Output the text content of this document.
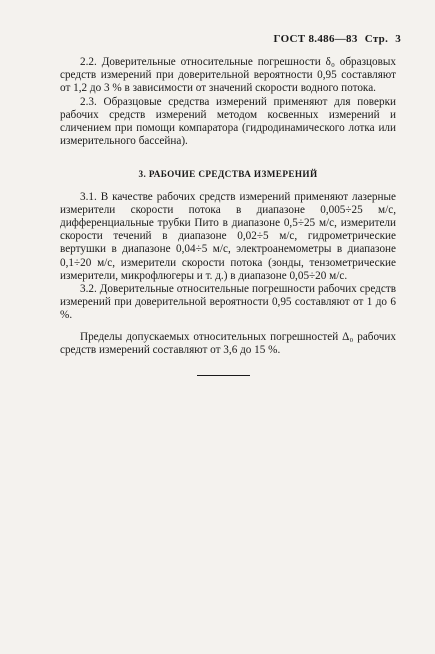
ГОСТ 8.486—83 Стр. 3

2.2. Доверительные относительные погрешности δ₀ образцовых средств измерений при доверительной вероятности 0,95 составляют от 1,2 до 3 % в зависимости от значений скорости водного потока.

2.3. Образцовые средства измерений применяют для поверки рабочих средств измерений методом косвенных измерений и сличением при помощи компаратора (гидродинамического лотка или измерительного бассейна).

3. РАБОЧИЕ СРЕДСТВА ИЗМЕРЕНИЙ

3.1. В качестве рабочих средств измерений применяют лазерные измерители скорости потока в диапазоне 0,005÷25 м/с, дифференциальные трубки Пито в диапазоне 0,5÷25 м/с, измерители скорости течений в диапазоне 0,02÷5 м/с, гидрометрические вертушки в диапазоне 0,04÷5 м/с, электроанемометры в диапазоне 0,1÷20 м/с, измерители скорости потока (зонды, тензометрические измерители, микрофлюгеры и т. д.) в диапазоне 0,05÷20 м/с.

3.2. Доверительные относительные погрешности рабочих средств измерений при доверительной вероятности 0,95 составляют от 1 до 6 %.

Пределы допускаемых относительных погрешностей Δ₀ рабочих средств измерений составляют от 3,6 до 15 %.
